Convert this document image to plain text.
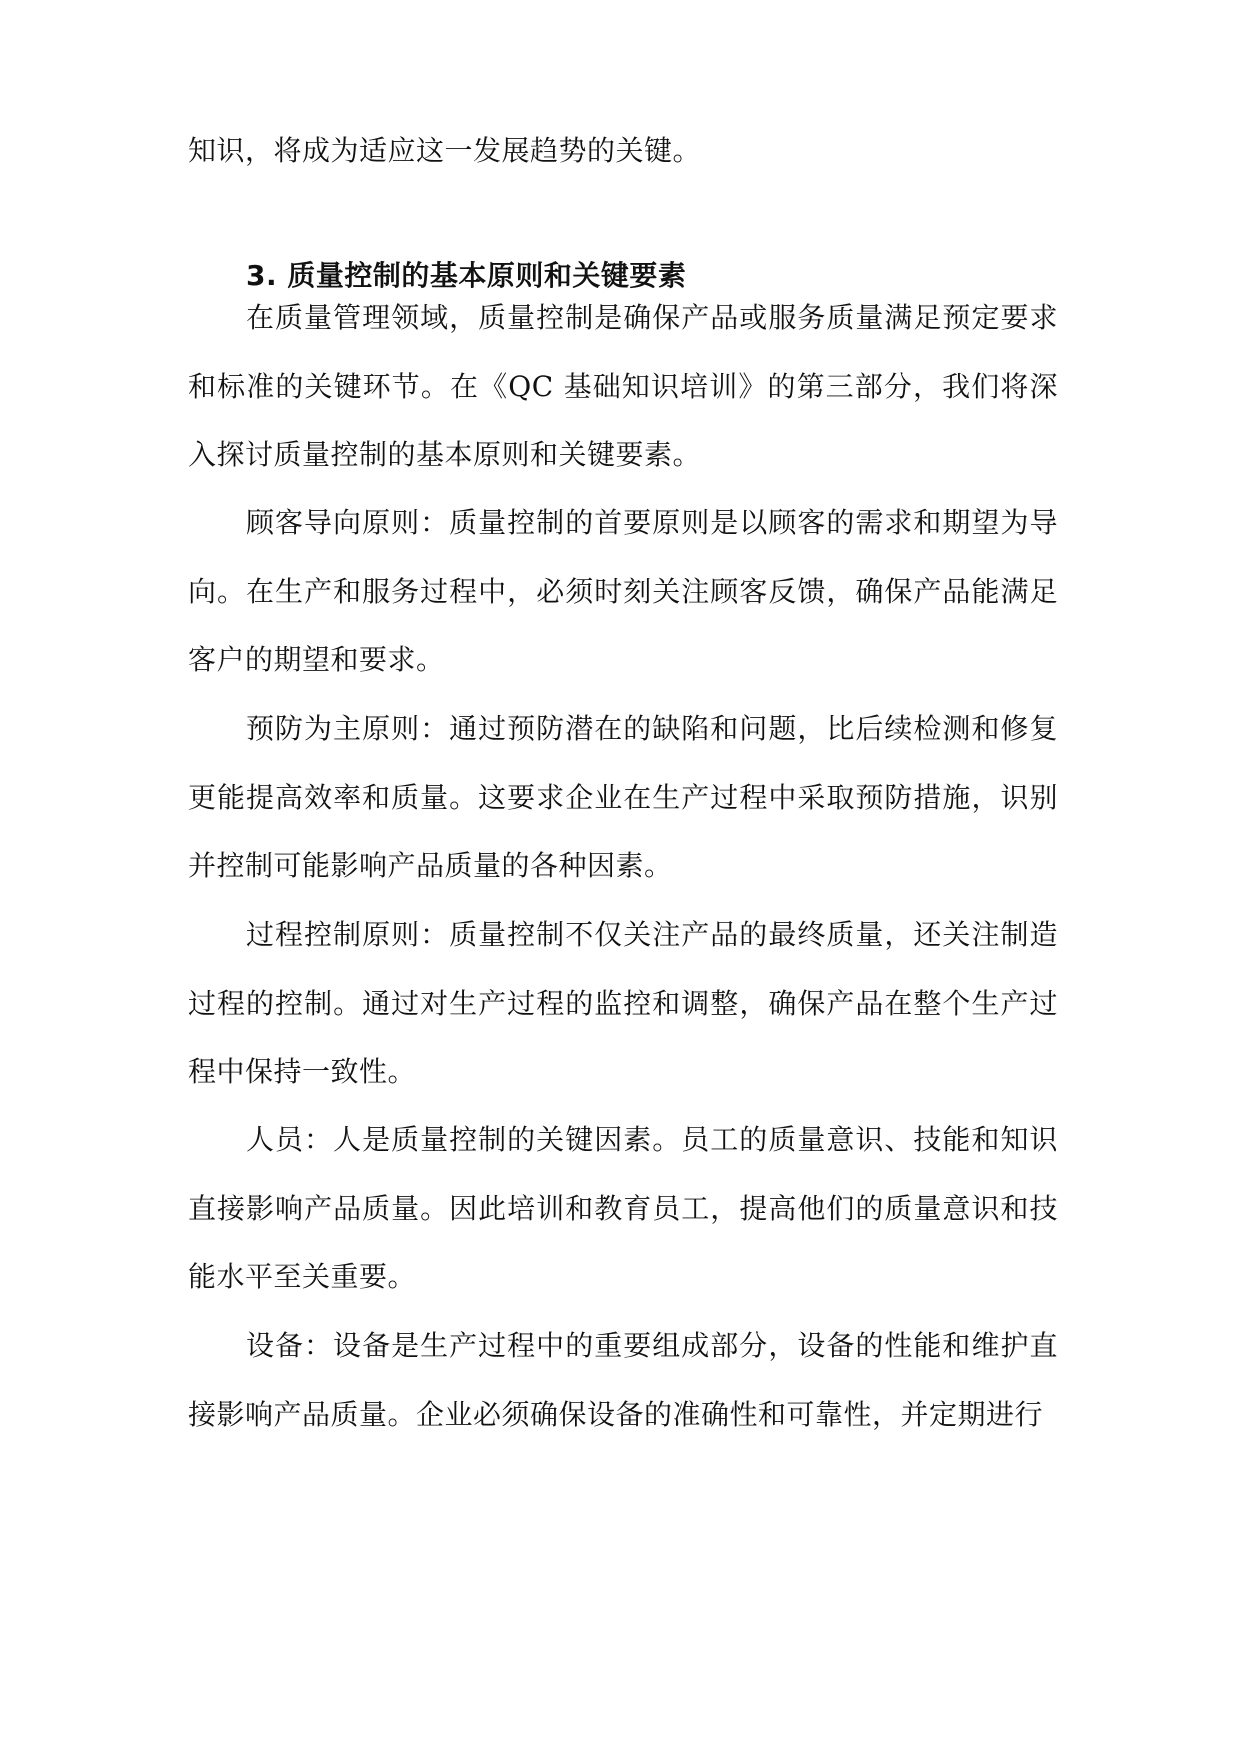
知识，将成为适应这一发展趋势的关键。

3. 质量控制的基本原则和关键要素

在质量管理领域，质量控制是确保产品或服务质量满足预定要求和标准的关键环节。在《QC 基础知识培训》的第三部分，我们将深入探讨质量控制的基本原则和关键要素。

顾客导向原则：质量控制的首要原则是以顾客的需求和期望为导向。在生产和服务过程中，必须时刻关注顾客反馈，确保产品能满足客户的期望和要求。

预防为主原则：通过预防潜在的缺陷和问题，比后续检测和修复更能提高效率和质量。这要求企业在生产过程中采取预防措施，识别并控制可能影响产品质量的各种因素。

过程控制原则：质量控制不仅关注产品的最终质量，还关注制造过程的控制。通过对生产过程的监控和调整，确保产品在整个生产过程中保持一致性。

人员：人是质量控制的关键因素。员工的质量意识、技能和知识直接影响产品质量。因此培训和教育员工，提高他们的质量意识和技能水平至关重要。

设备：设备是生产过程中的重要组成部分，设备的性能和维护直接影响产品质量。企业必须确保设备的准确性和可靠性，并定期进行
